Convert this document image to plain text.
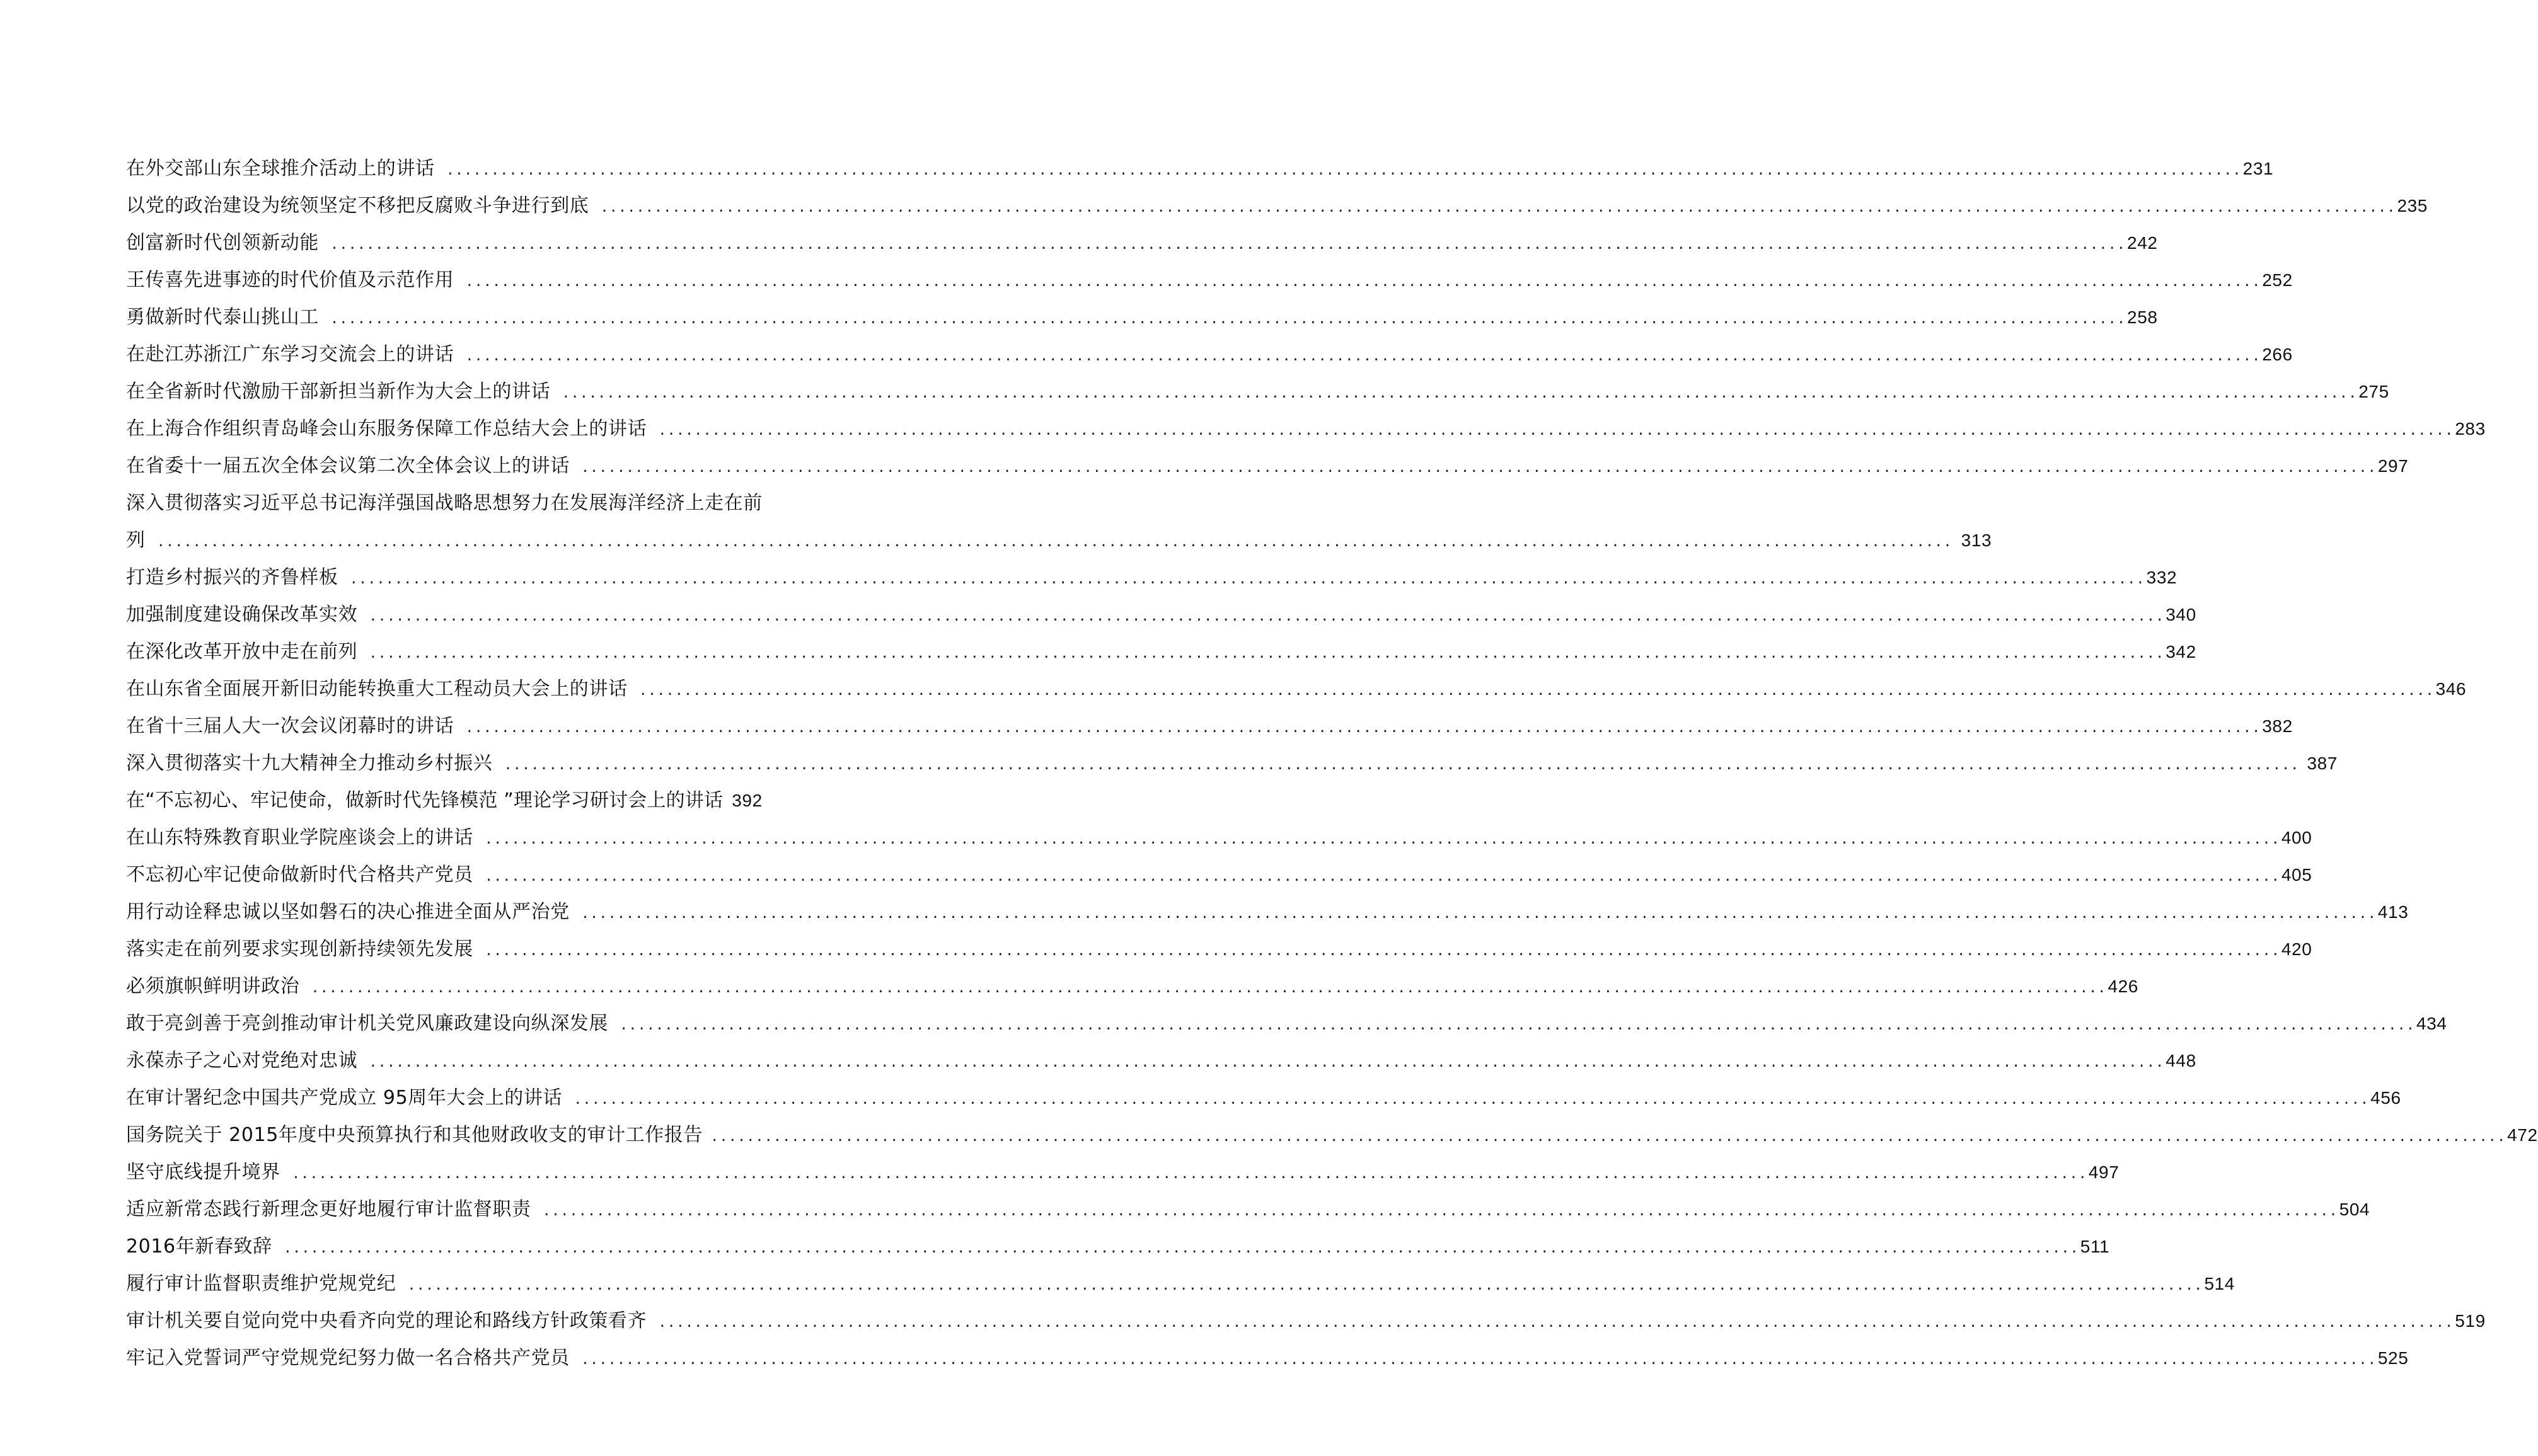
在外交部山东全球推介活动上的讲话 ........................................................................................................................................................................................................ 231
以党的政治建设为统领坚定不移把反腐败斗争进行到底 ........................................................................................................................................................................................................ 235
创富新时代创领新动能 ........................................................................................................................................................................................................ 242
王传喜先进事迹的时代价值及示范作用 ........................................................................................................................................................................................................ 252
勇做新时代泰山挑山工 ........................................................................................................................................................................................................ 258
在赴江苏浙江广东学习交流会上的讲话 ........................................................................................................................................................................................................ 266
在全省新时代激励干部新担当新作为大会上的讲话 ........................................................................................................................................................................................................ 275
在上海合作组织青岛峰会山东服务保障工作总结大会上的讲话 ........................................................................................................................................................................................................ 283
在省委十一届五次全体会议第二次全体会议上的讲话 ........................................................................................................................................................................................................ 297
深入贯彻落实习近平总书记海洋强国战略思想努力在发展海洋经济上走在前
列 ........................................................................................................................................................................................................ 313
打造乡村振兴的齐鲁样板 ........................................................................................................................................................................................................ 332
加强制度建设确保改革实效 ........................................................................................................................................................................................................ 340
在深化改革开放中走在前列 ........................................................................................................................................................................................................ 342
在山东省全面展开新旧动能转换重大工程动员大会上的讲话 ........................................................................................................................................................................................................ 346
在省十三届人大一次会议闭幕时的讲话 ........................................................................................................................................................................................................ 382
深入贯彻落实十九大精神全力推动乡村振兴 ........................................................................................................................................................................................................ 387
在“不忘初心、牢记使命，做新时代先锋模范 ”理论学习研讨会上的讲话 392
在山东特殊教育职业学院座谈会上的讲话 ........................................................................................................................................................................................................ 400
不忘初心牢记使命做新时代合格共产党员 ........................................................................................................................................................................................................ 405
用行动诠释忠诚以坚如磐石的决心推进全面从严治党 ........................................................................................................................................................................................................ 413
落实走在前列要求实现创新持续领先发展 ........................................................................................................................................................................................................ 420
必须旗帜鲜明讲政治 ........................................................................................................................................................................................................ 426
敢于亮剑善于亮剑推动审计机关党风廉政建设向纵深发展 ........................................................................................................................................................................................................ 434
永葆赤子之心对党绝对忠诚 ........................................................................................................................................................................................................ 448
在审计署纪念中国共产党成立 95周年大会上的讲话 ........................................................................................................................................................................................................ 456
国务院关于 2015年度中央预算执行和其他财政收支的审计工作报告 ........................................................................................................................................................................................................ 472
坚守底线提升境界 ........................................................................................................................................................................................................ 497
适应新常态践行新理念更好地履行审计监督职责 ........................................................................................................................................................................................................ 504
2016年新春致辞 ........................................................................................................................................................................................................ 511
履行审计监督职责维护党规党纪 ........................................................................................................................................................................................................ 514
审计机关要自觉向党中央看齐向党的理论和路线方针政策看齐 ........................................................................................................................................................................................................ 519
牢记入党誓词严守党规党纪努力做一名合格共产党员 ........................................................................................................................................................................................................ 525
